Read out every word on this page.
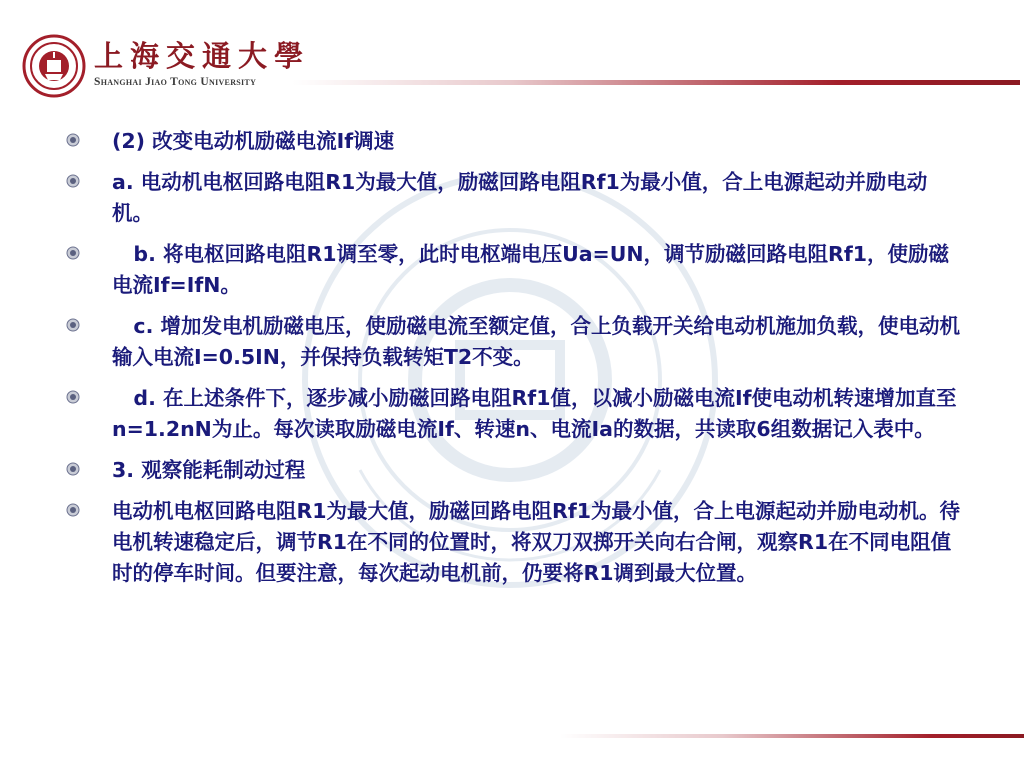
上海交通大學
Shanghai Jiao Tong University
(2) 改变电动机励磁电流If调速
a. 电动机电枢回路电阻R1为最大值，励磁回路电阻Rf1为最小值，合上电源起动并励电动机。
b. 将电枢回路电阻R1调至零，此时电枢端电压Ua=UN，调节励磁回路电阻Rf1，使励磁电流If=IfN。
c. 增加发电机励磁电压，使励磁电流至额定值，合上负载开关给电动机施加负载，使电动机输入电流I=0.5IN，并保持负载转矩T2不变。
d. 在上述条件下，逐步减小励磁回路电阻Rf1值，以减小励磁电流If使电动机转速增加直至n=1.2nN为止。每次读取励磁电流If、转速n、电流Ia的数据，共读取6组数据记入表中。
3. 观察能耗制动过程
电动机电枢回路电阻R1为最大值，励磁回路电阻Rf1为最小值，合上电源起动并励电动机。待电机转速稳定后，调节R1在不同的位置时，将双刀双掷开关向右合闸，观察R1在不同电阻值时的停车时间。但要注意，每次起动电机前，仍要将R1调到最大位置。
